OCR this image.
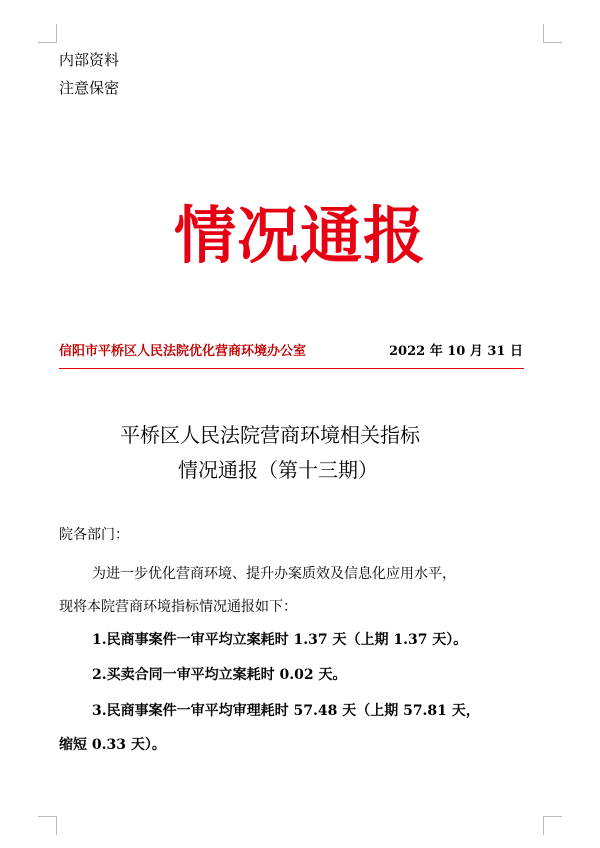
内部资料
注意保密
情况通报
信阳市平桥区人民法院优化营商环境办公室	2022 年 10 月 31 日
平桥区人民法院营商环境相关指标
情况通报（第十三期）
院各部门：
为进一步优化营商环境、提升办案质效及信息化应用水平，
现将本院营商环境指标情况通报如下：
1.民商事案件一审平均立案耗时 1.37 天（上期 1.37 天）。
2.买卖合同一审平均立案耗时 0.02 天。
3.民商事案件一审平均审理耗时 57.48 天（上期 57.81 天，
缩短 0.33 天）。
